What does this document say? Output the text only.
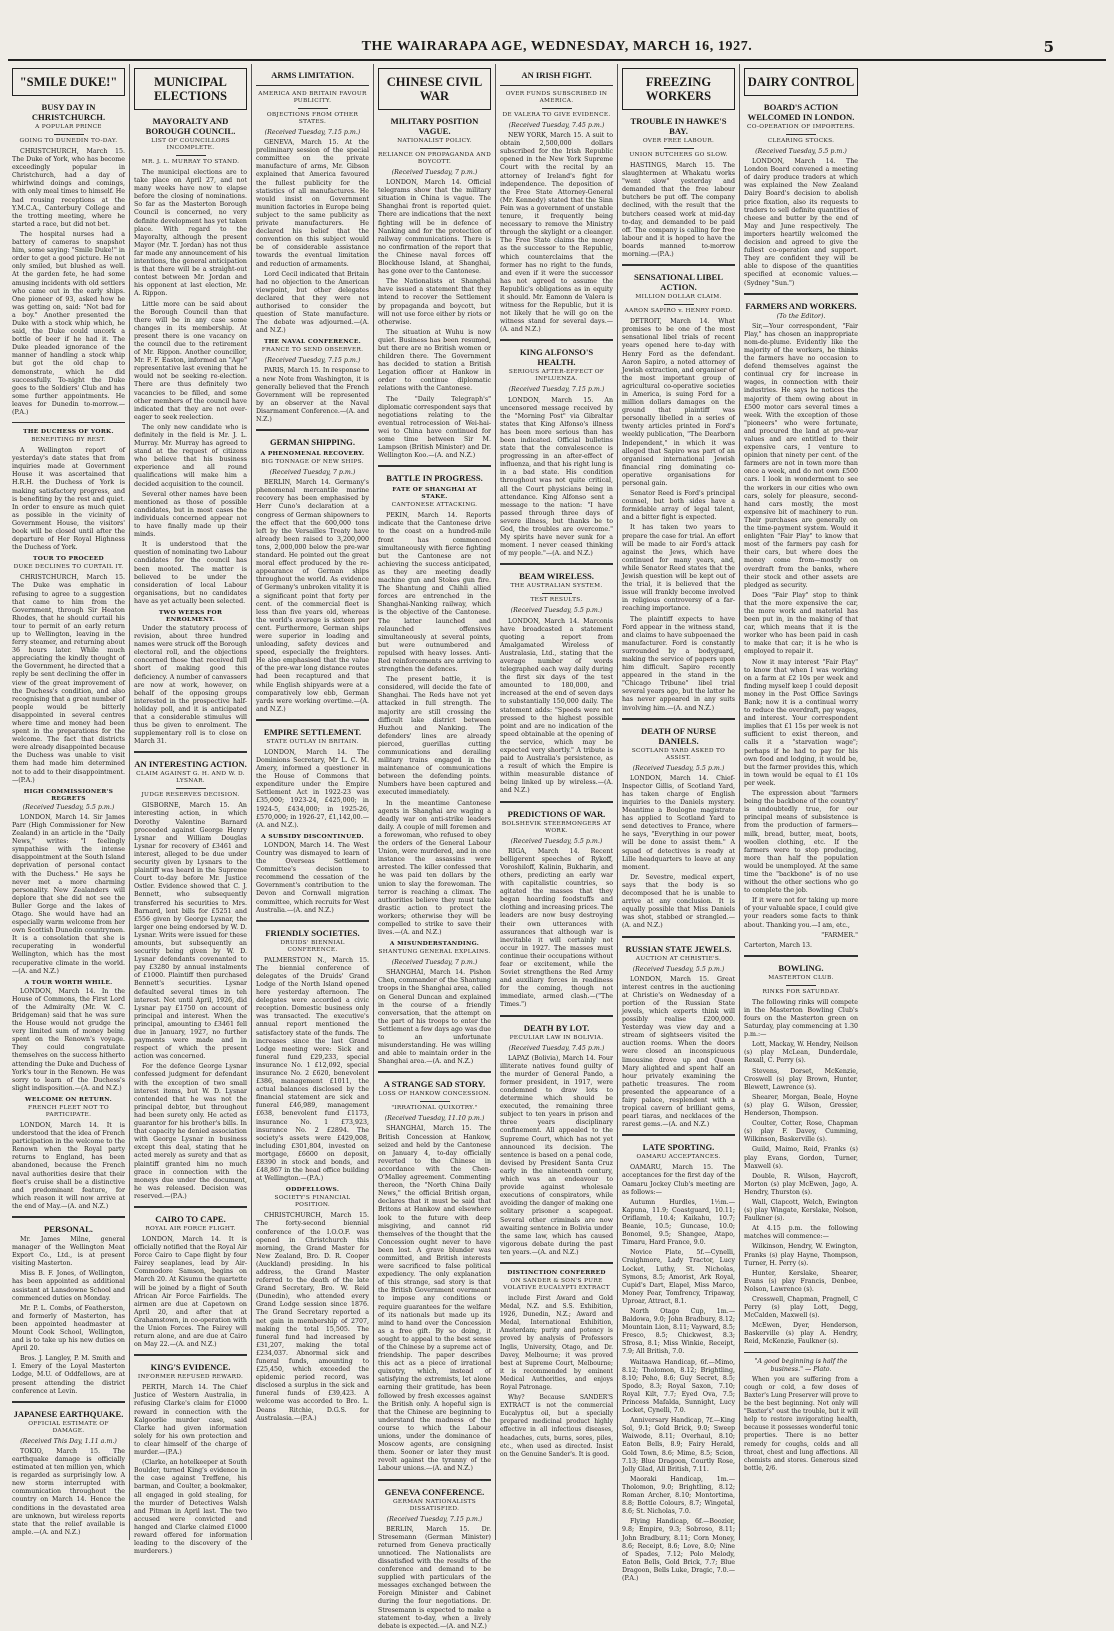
THE WAIRARAPA AGE, WEDNESDAY, MARCH 16, 1927.	5
"SMILE DUKE!"
BUSY DAY IN CHRISTCHURCH.
A POPULAR PRINCE
GOING TO DUNEDIN TO-DAY.

CHRISTCHURCH, March 15. The Duke of York, who has become exceedingly popular in Christchurch, had a day of whirlwind doings and comings, with only meal times to himself. He had rousing receptions at the Y.M.C.A., Canterbury College and the trotting meeting, where he started a race, but did not bet.

The hospital nurses had a battery of cameras to snapshot him, some saying: "Smile Duke!" in order to get a good picture. He not only smiled, but blushed as well. At the garden fete, he had some amusing incidents with old settlers who came out in the early ships. One pioneer of 93, asked how he was getting on, said: "Not bad for a boy." Another presented the Duke with a stock whip which, he said, the Duke could uncork a bottle of beer if he had it. The Duke pleaded ignorance of the manner of handling a stock whip but got the old chap to demonstrate, which he did successfully. To-night the Duke goes to the Soldiers' Club and has some further appointments. He leaves for Dunedin to-morrow.—(P.A.)

THE DUCHESS OF YORK.
BENEFITING BY REST.

A Wellington report of yesterday's date states that from inquiries made at Government House it was ascertained that H.R.H. the Duchess of York is making satisfactory progress, and is benefiting by the rest and quiet. In order to ensure as much quiet as possible in the vicinity of Government House, the visitors' book will be closed until after the departure of Her Royal Highness the Duchess of York.

TOUR TO PROCEED
DUKE DECLINES TO CURTAIL IT.

CHRISTCHURCH, March 15. The Duke was emphatic in refusing to agree to a suggestion that came to him from the Government, through Sir Heaton Rhodes, that he should curtail his tour to permit of an early return up to Wellington, leaving in the ferry steamer, and returning about 36 hours later. While much appreciating the kindly thought of the Government, he directed that a reply be sent declining the offer in view of the great improvement of the Duchess's condition, and also recognising that a great number of people would be bitterly disappointed in several centres where time and money had been spent in the preparations for the welcome. The fact that districts were already disappointed because the Duchess was unable to visit them had made him determined not to add to their disappointment.—(P.A.)

HIGH COMMISSIONER'S REGRETS
(Received Tuesday, 5.5 p.m.)

LONDON, March 14. Sir James Parr (High Commissioner for New Zealand) in an article in the "Daily News," writes: "I feelingly sympathise with the intense disappointment at the South Island deprivation of personal contact with the Duchess." He says he never met a more charming personality. New Zealanders will deplore that she did not see the Buller Gorge and the lakes of Otago. She would have had an especially warm welcome from her own Scottish Dunedin countrymen. It is a consolation that she is recuperating in wonderful Wellington, which has the most recuperative climate in the world.—(A. and N.Z.)

A TOUR WORTH WHILE.

LONDON, March 14. In the House of Commons, the First Lord of the Admiralty (Mr. W. C. Bridgeman) said that he was sure the House would not grudge the very limited sum of money being spent on the Renown's voyage. They could congratulate themselves on the success hitherto attending the Duke and Duchess of York's tour in the Renown. He was sorry to learn of the Duchess's slight indisposition.—(A. and N.Z.)

WELCOME ON RETURN.
FRENCH FLEET NOT TO PARTICIPATE.

LONDON, March 14. It is understood that the idea of French participation in the welcome to the Renown when the Royal party returns to England, has been abandoned, because the French naval authorities desire that their fleet's cruise shall be a distinctive and predominant feature, for which reason it will now arrive at the end of May.—(A. and N.Z.)

PERSONAL.

Mr. James Milne, general manager of the Wellington Meat Export Co., Ltd., is at present visiting Masterton.

Miss B. F. Jones, of Wellington, has been appointed as additional assistant at Lansdowne School and commenced duties on Monday.

Mr. P. L. Combs, of Featherston, and formerly of Masterton, has been appointed headmaster at Mount Cook School, Wellington, and is to take up his new duties on April 20.

Bros. J. Langley, P. M. Smith and I. Emery of the Loyal Masterton Lodge, M.U. of Oddfellows, are at present attending the district conference at Levin.

JAPANESE EARTHQUAKE.
OFFICIAL ESTIMATE OF DAMAGE.
(Received This Day, 1.11 a.m.)

TOKIO, March 15. The earthquake damage is officially estimated at ten million yen, which is regarded as surprisingly low. A new storm interrupted with communication throughout the country on March 14. Hence the conditions in the devastated area are unknown, but wireless reports state that the relief available is ample.—(A. and N.Z.)

MUNICIPAL ELECTIONS
MAYORALTY AND BOROUGH COUNCIL.
LIST OF COUNCILLORS INCOMPLETE.
MR. J. L. MURRAY TO STAND.

The municipal elections are to take place on April 27, and not many weeks have now to elapse before the closing of nominations. So far as the Masterton Borough Council is concerned, no very definite development has yet taken place. With regard to the Mayoralty, although the present Mayor (Mr. T. Jordan) has not thus far made any announcement of his intentions, the general anticipation is that there will be a straight-out contest between Mr. Jordan and his opponent at last election, Mr. A. Rippon.

Little more can be said about the Borough Council than that there will be in any case some changes in its membership. At present there is one vacancy on the council due to the retirement of Mr. Rippon. Another councillor, Mr. F. F. Easton, informed an "Age" representative last evening that he would not be seeking re-election. There are thus definitely two vacancies to be filled, and some other members of the council have indicated that they are not over-eager to seek reelection.

The only new candidate who is definitely in the field is Mr. J. L. Murray. Mr. Murray has agreed to stand at the request of citizens who believe that his business experience and all round qualifications will make him a decided acquisition to the council.

Several other names have been mentioned as those of possible candidates, but in most cases the individuals concerned appear not to have finally made up their minds.

It is understood that the question of nominating two Labour candidates for the council has been mooted. The matter is believed to be under the consideration of local Labour organisations, but no candidates have as yet actually been selected.

TWO WEEKS FOR ENROLMENT.

Under the statutory process of revision, about three hundred names were struck off the Borough electoral roll, and the objections concerned those that received full short of making good this deficiency. A number of canvassers are now at work, however, on behalf of the opposing groups interested in the prospective half-holiday poll, and it is anticipated that a considerable stimulus will thus be given to enrolment. The supplementary roll is to close on March 31.

AN INTERESTING ACTION.
CLAIM AGAINST G. H. AND W. D. LYSNAR.
JUDGE RESERVES DECISION.

GISBORNE, March 15. An interesting action, in which Dorothy Valentine Barnard proceeded against George Henry Lysnar and William Douglas Lysnar for recovery of £3461 and interest, alleged to be due under security given by Lysnars to the plaintiff was heard in the Supreme Court to-day before Mr. Justice Ostler. Evidence showed that C. J. Bennett, who subsequently transferred his securities to Mrs. Barnard, lent bills for £5251 and £556 given by George Lysnar, the larger one being endorsed by W. D. Lysnar. Writs were issued for these amounts, but subsequently an security being given by W. D. Lysnar defendants covenanted to pay £3280 by annual instalments of £1000. Plaintiff then purchased Bennett's securities. Lysnar defaulted several times in teh interest. Not until April, 1926, did Lysnar pay £1750 on account of principal and interest. When the principal, amounting to £3461 fell due in January, 1927, no further payments were made and in respect of which the present action was concerned.

For the defence George Lysnar confessed judgment for defendant with the exception of two small interest items, but W. D. Lysnar contended that he was not the principal debtor, but throughout had been surety only. He acted as guarantor for his brother's bills. In that capacity he denied association with George Lysnar in business except this deal, stating that he acted merely as surety and that as plaintiff granted him no much grace in connection with the moneys due under the document, he was released. Decision was reserved.—(P.A.)

CAIRO TO CAPE.
ROYAL AIR FORCE FLIGHT.

LONDON, March 14. It is officially notified that the Royal Air Force Cairo to Cape flight by four Fairey seaplanes, lead by Air-Commodore Samson, begins on March 20. At Kisumu the quartette will be joined by a flight of South African Air Force Fairfields. The airmen are due at Capetown on April 20, and after that at Grahamstown, in co-operation with the Union Forces. The Fairey will return alone, and are due at Cairo on May 22.—(A. and N.Z.)

KING'S EVIDENCE.
INFORMER REFUSED REWARD.

PERTH, March 14. The Chief Justice of Western Australia, in refusing Clarke's claim for £1000 reward in connection with the Kalgoorlie murder case, said Clarke had given information solely for his own protection and to clear himself of the charge of murder.—(P.A.)

(Clarke, an hotelkeeper at South Boulder, turned King's evidence in the case against Treffene, his barman, and Coulter, a bookmaker, all engaged in gold stealing, for the murder of Detectives Walsh and Pitman in April last. The two accused were convicted and hanged and Clarke claimed £1000 reward offered for information leading to the discovery of the murderers.)

ARMS LIMITATION.
AMERICA AND BRITAIN FAVOUR PUBLICITY.
OBJECTIONS FROM OTHER STATES.
(Received Tuesday, 7.15 p.m.)

GENEVA, March 15. At the preliminary session of the special committee on the private manufacture of arms, Mr. Gibson explained that America favoured the fullest publicity for the statistics of all manufactures. He would insist on Government munition factories in Europe being subject to the same publicity as private manufacturers. He declared his belief that the convention on this subject would be of considerable assistance towards the eventual limitation and reduction of armaments.

Lord Cecil indicated that Britain had no objection to the American viewpoint, but other delegates declared that they were not authorised to consider the question of State manufacture. The debate was adjourned.—(A. and N.Z.)

THE NAVAL CONFERENCE.
FRANCE TO SEND OBSERVER.
(Received Tuesday, 7.15 p.m.)

PARIS, March 15. In response to a new Note from Washington, it is generally believed that the French Government will be represented by an observer at the Naval Disarmament Conference.—(A. and N.Z.)

GERMAN SHIPPING.
A PHENOMENAL RECOVERY.
BIG TONNAGE OF NEW SHIPS.
(Received Tuesday, 7 p.m.)

BERLIN, March 14. Germany's phenomenal mercantile marine recovery has been emphasised by Herr Cuno's declaration at a congress of German shipowners to the effect that the 600,000 tons left by the Versailles Treaty have already been raised to 3,200,000 tons, 2,000,000 below the pre-war standard. He pointed out the great moral effect produced by the re-appearance of German ships throughout the world. As evidence of Germany's unbroken vitality it is a significant point that forty per cent. of the commercial fleet is less than five years old, whereas the world's average is sixteen per cent. Furthermore, German ships were superior in loading and unloading, safety devices and speed, especially the freighters. He also emphasised that the value of the pre-war long distance routes had been recaptured and that while English shipyards were at a comparatively low ebb, German yards were working overtime.—(A. and N.Z.)

EMPIRE SETTLEMENT.
STATE OUTLAY IN BRITAIN.

LONDON, March 14. The Dominions Secretary, Mr L. C. M. Amery, informed a questioner in the House of Commons that expenditure under the Empire Settlement Act in 1922-23 was £35,000; 1923-24, £425,000; in 1924-5, £434,000; in 1925-26, £570,000; in 1926-27, £1,142,00.—(A. and N.Z.).

A SUBSIDY DISCONTINUED.

LONDON, March 14. The West Country was dismayed to learn of the Overseas Settlement Committee's decision to recommend the cessation of the Government's contribution to the Devon and Cornwall migration committee, which recruits for West Australia.—(A. and N.Z.)

FRIENDLY SOCIETIES.
DRUIDS' BIENNIAL CONFERENCE.

PALMERSTON N., March 15. The biennial conference of delegates of the Druids' Grand Lodge of the North Island opened here yesterday afternoon. The delegates were accorded a civic reception. Domestic business only was transacted. The executive's annual report mentioned the satisfactory state of the funds. The increases since the last Grand Lodge meeting were: Sick and funeral fund £29,233, special insurance No. 1 £12,092, special insurance No. 2 £620, benevolent £386, management £1011, the actual balances disclosed by the financial statement are sick and funeral £46,989, management £638, benevolent fund £1173, insurance No. 1 £73,923, insurance No. 2 £2894. The society's assets were £429,008, including £301,804, invested on mortgage, £6600 on deposit, £8390 in stock and bonds, and £48,867 in the head office building at Wellington.—(P.A.)

ODDFELLOWS.
SOCIETY'S FINANCIAL POSITION.

CHRISTCHURCH, March 15. The forty-second biennial conference of the I.O.O.F. was opened in Christchurch this morning, the Grand Master for New Zealand, Bro. D. R. Cooper (Auckland) presiding. In his address, the Grand Master referred to the death of the late Grand Secretary, Bro. W. Reid (Dunedin), who attended every Grand Lodge session since 1876. The Grand Secretary reported a net gain in membership of 2707, making the total 15,505. The funeral fund had increased by £31,207, making the total £234,037. Abnormal sick and funeral funds, amounting to £25,450, which exceeded the epidemic period record, was disclosed a surplus in the sick and funeral funds of £39,423. A welcome was accorded to Bro. L. Deans Ritchie, D.G.S. for Australasia.—(P.A.)

CHINESE CIVIL WAR
MILITARY POSITION VAGUE.
NATIONALIST POLICY.
RELIANCE ON PROPAGANDA AND BOYCOTT.
(Received Tuesday, 7 p.m.)

LONDON, March 14. Official telegrams show that the military situation in China is vague. The Shanghai front is reported quiet. There are indications that the next fighting will be in defence of Nanking and for the protection of railway communications. There is no confirmation of the report that the Chinese naval forces off Blockhouse Island, at Shanghai, has gone over to the Cantonese.

The Nationalists at Shanghai have issued a statement that they intend to recover the Settlement by propaganda and boycott, but will not use force either by riots or otherwise.

The situation at Wuhu is now quiet. Business has been resumed, but there are no British women or children there. The Government has decided to station a British Legation officer at Hankow in order to continue diplomatic relations with the Cantonese.

The "Daily Telegraph's" diplomatic correspondent says that negotiations relating to the eventual retrocession of Wei-hai-wei to China have continued for some time between Sir M. Lampson (British Minister) and Dr. Wellington Koo.—(A. and N.Z.)

BATTLE IN PROGRESS.
FATE OF SHANGHAI AT STAKE.
CANTONESE ATTACKING.

PEKIN, March 14. Reports indicate that the Cantonese drive to the coast on a hundred-mile front has commenced simultaneously with fierce fighting but the Cantonese are not achieving the success anticipated, as they are meeting deadly machine gun and Stokes gun fire. The Shantung and Chihli allied forces are entrenched in the Shanghai-Nanking railway, which is the objective of the Cantonese. The latter launched and relaunched offensives simultaneously at several points, but were outnumbered and repulsed with heavy losses. Anti-Red reinforcements are arriving to strengthen the defences.

The present battle, it is considered, will decide the fate of Shanghai. The Reds have not yet attacked in full strength. The majority are still crossing the difficult lake district between Huzhou and Nanking. The defenders' lines are already pierced, guerillas cutting communications and derailing military trains engaged in the maintenance of communications between the defending points. Numbers have been captured and executed immediately.

In the meantime Cantonese agents in Shanghai are waging a deadly war on anti-strike leaders daily. A couple of mill foremen and a forewoman, who refused to obey the orders of the General Labour Union, were murdered, and in one instance the assassins were arrested. The killer confessed that he was paid ten dollars by the union to slay the forewoman. The terror is reaching a climax. The authorities believe they must take drastic action to protect the workers; otherwise they will be compelled to strike to save their lives.—(A. and N.Z.)

A MISUNDERSTANDING.
SHANTUNG GENERAL EXPLAINS.
(Received Tuesday, 7 p.m.)

SHANGHAI, March 14. Pishon Chen, commander of the Shantung troops in the Shanghai area, called on General Duncan and explained in the course of a friendly conversation, that the attempt on the part of his troops to enter the Settlement a few days ago was due to an unfortunate misunderstanding. He was willing and able to maintain order in the Shanghai area.—(A. and N.Z.)

A STRANGE SAD STORY.
LOSS OF HANKOW CONCESSION.
"IRRATIONAL QUIXOTRY."
(Received Tuesday, 11.10 p.m.)

SHANGHAI, March 15. The British Concession at Hankow, seized and held by the Cantonese on January 4, to-day officially reverted to the Chinese in accordance with the Chen-O'Malley agreement. Commenting thereon, the "North China Daily News," the official British organ, declares that it must be said that Britons at Hankow and elsewhere look to the future with deep misgiving, and cannot rid themselves of the thought that the Concession ought never to have been lost. A grave blunder was committed, and British interests were sacrificed to false political expediency. The only explanation of this strange, sad story is that the British Government overmeant to impose any conditions or require guarantees for the welfare of its nationals but made up its mind to hand over the Concession as a free gift. By so doing, it sought to appeal to the best sense of the Chinese by a supreme act of friendship. The paper describes this act as a piece of irrational quixotry, which, instead of satisfying the extremists, let alone earning their gratitude, has been followed by fresh excesses against the British only. A hopeful sign is that the Chinese are beginning to understand the madness of the course to which the Labour unions, under the dominance of Moscow agents, are consigning them. Sooner or later they must revolt against the tyranny of the Labour unions.—(A. and N.Z.)

GENEVA CONFERENCE.
GERMAN NATIONALISTS DISSATISFIED.
(Received Tuesday, 7.15 p.m.)

BERLIN, March 15. Dr. Stresemann (German Minister) returned from Geneva practically unnoticed. The Nationalists are dissatisfied with the results of the conference and demand to be supplied with particulars of the messages exchanged between the Foreign Minister and Cabinet during the four negotiations. Dr. Stresemann is expected to make a statement to-day, when a lively debate is expected.—(A. and N.Z.)

AN IRISH FIGHT.
OVER FUNDS SUBSCRIBED IN AMERICA.
DE VALERA TO GIVE EVIDENCE.
(Received Tuesday, 7.45 p.m.)

NEW YORK, March 15. A suit to obtain 2,500,000 dollars subscribed for the Irish Republic opened in the New York Supreme Court with the recital by an attorney of Ireland's fight for independence. The deposition of the Free State Attorney-General (Mr. Kennedy) stated that the Sinn Fein was a government of unstable tenure, it frequently being necessary to remove the Ministry through the skylight or a cleanger. The Free State claims the money as the successor to the Republic, which counterclaims that the former has no right to the funds, and even if it were the successor has not agreed to assume the Republic's obligations as in equity it should. Mr. Eamonn de Valera is witness for the Republic, but it is not likely that he will go on the witness stand for several days.—(A. and N.Z.)

KING ALFONSO'S HEALTH.
SERIOUS AFTER-EFFECT OF INFLUENZA.
(Received Tuesday, 7.15 p.m.)

LONDON, March 15. An uncensored message received by the "Morning Post" via Gibraltar states that King Alfonso's illness has been more serious than has been indicated. Official bulletins state that the convalescence is progressing in an after-effect of influenza, and that his right lung is in a bad state. His condition throughout was not quite critical, all the Court physicians being in attendance. King Alfonso sent a message to the nation: "I have passed through three days of severe illness, but thanks be to God, the troubles are overcome." My spirits have never sunk for a moment. I never ceased thinking of my people."—(A. and N.Z.)

BEAM WIRELESS.
THE AUSTRALIAN SYSTEM.
TEST RESULTS.
(Received Tuesday, 5.5 p.m.)

LONDON, March 14. Marconis have broadcasted a statement quoting a report from Amalgamated Wireless of Australasia, Ltd., stating that the average number of words telegraphed each way daily during the first six days of the test amounted to 180,000, and increased at the end of seven days to substantially 150,000 daily. The statement adds: "Speeds were not pressed to the highest possible point and are no indication of the speed obtainable at the opening of the service, which may be expected very shortly." A tribute is paid to Australia's persistence, as a result of which the Empire is within measurable distance of being linked up by wireless.—(A. and N.Z.)

PREDICTIONS OF WAR.
BOLSHEVIK STEERMONGERS AT WORK.
(Received Tuesday, 5.5 p.m.)

RIGA, March 14. Recent belligerent speeches of Rykoff, Voroshiloff, Kalinin, Bukharin, and others, predicting an early war with capitalistic countries, so agitated the masses that they began hoarding foodstuffs and clothing and increasing prices. The leaders are now busy destroying their own utterances with assurances that although war is inevitable it will certainly not occur in 1927. The masses must continue their occupations without fear or excitement, while the Soviet strengthens the Red Army and auxiliary forces in readiness for the coming, though not immediate, armed clash.—("The Times.")

DEATH BY LOT.
PECULIAR LAW IN BOLIVIA.
(Received Tuesday, 7.45 p.m.)

LAPAZ (Bolivia), March 14. Four illiterate natives found guilty of the murder of General Pando, a former president, in 1917, were condemned to draw lots to determine which should be executed, the remaining three subject to ten years in prison and three years disciplinary confinement. All appealed to the Supreme Court, which has not yet announced its decision. The sentence is based on a penal code, devised by President Santa Cruz early in the nineteenth century, which was an endeavour to provide against wholesale executions of conspirators, while avoiding the danger of making one solitary prisoner a scapegoat. Several other criminals are now awaiting sentence in Bolivia under the same law, which has caused vigorous debate during the past ten years.—(A. and N.Z.)

DISTINCTION CONFERRED
ON SANDER & SON'S PURE VOLATIVE EUCALYPTI EXTRACT

include First Award and Gold Medal, N.Z. and S.S. Exhibition, 1926, Dunedin, N.Z.; Award and Medal, International Exhibition, Amsterdam; purity and potency is proved by analysis of Professors Inglis, University, Otago, and Dr. Davey, Melbourne; it was proved best at Supreme Court, Melbourne; it is recommended by eminent Medical Authorities, and enjoys Royal Patronage.

Why? Because SANDER'S EXTRACT is not the commercial Eucalyptus oil, but a specially prepared medicinal product highly effective in all infectious diseases, headaches, cuts, burns, sores, piles, etc., when used as directed. Insist on the Genuine Sander's. It is good.

FREEZING WORKERS
TROUBLE IN HAWKE'S BAY.
OVER FREE LABOUR.
UNION BUTCHERS GO SLOW.

HASTINGS, March 15. The slaughtermen at Whakatu works "went slow" yesterday and demanded that the free labour butchers be put off. The company declined, with the result that the butchers ceased work at mid-day to-day, and demanded to be paid off. The company is calling for free labour and it is hoped to have the boards manned to-morrow morning.—(P.A.)

SENSATIONAL LIBEL ACTION.
MILLION DOLLAR CLAIM.
AARON SAPIRO v. HENRY FORD.

DETROIT, March 14. What promises to be one of the most sensational libel trials of recent years opened here to-day with Henry Ford as the defendant. Aaron Sapiro, a noted attorney of Jewish extraction, and organiser of the most important group of agricultural co-operative societies in America, is suing Ford for a million dollars damages on the ground that plaintiff was personally libelled in a series of twenty articles printed in Ford's weekly publication, "The Dearborn Independent," in which it was alleged that Sapiro was part of an organised international Jewish financial ring dominating co-operative organisations for personal gain.

Senator Reed is Ford's principal counsel, but both sides have a formidable array of legal talent, and a bitter fight is expected.

It has taken two years to prepare the case for trial. An effort will be made to air Ford's attack against the Jews, which have continued for many years, and, while Senator Reed states that the Jewish question will be kept out of the trial, it is believed that the issue will frankly become involved in religious controversy of a far-reaching importance.

The plaintiff expects to have Ford appear in the witness stand, and claims to have subpoenaed the manufacturer. Ford is constantly surrounded by a bodyguard, making the service of papers upon him difficult. Sapiro recently appeared in the stand in the "Chicago Tribune" libel trial several years ago, but the latter he has never appeared in any suits involving him.—(A. and N.Z.)

DEATH OF NURSE DANIELS.
SCOTLAND YARD ASKED TO ASSIST.
(Received Tuesday, 5.5 p.m.)

LONDON, March 14. Chief-Inspector Gillis, of Scotland Yard, has taken charge of English inquiries to the Daniels mystery. Meantime a Boulogne magistrate has applied to Scotland Yard to send detectives to France, where he says, "Everything in our power will be done to assist them." A squad of detectives is ready at Lille headquarters to leave at any moment.

Dr. Sevestre, medical expert, says that the body is so decomposed that he is unable to arrive at any conclusion. It is equally possible that Miss Daniels was shot, stabbed or strangled.—(A. and N.Z.)

RUSSIAN STATE JEWELS.
AUCTION AT CHRISTIE'S.
(Received Tuesday, 5.5 p.m.)

LONDON, March 15. Great interest centres in the auctioning at Christie's on Wednesday of a portion of the Russian State jewels, which experts think will possibly realise £200,000. Yesterday was view day and a stream of sightseers visited the auction rooms. When the doors were closed an inconspicuous limousine drove up and Queen Mary alighted and spent half an hour privately examining the pathetic treasures. The room presented the appearance of a fairy palace, resplendent with a tropical cavern of brilliant gems, pearl tiaras, and necklaces of the rarest gems.—(A. and N.Z.)

LATE SPORTING.
OAMARU ACCEPTANCES.

OAMARU, March 15. The acceptances for the first day of the Oamaru Jockey Club's meeting are as follows:—

Autumn Hurdles, 1½m.—Kapuna, 11.9; Coastguard, 10.11; Oriflamb, 10.4; Kaikahu, 10.7; Beanie, 10.5; Guncase, 10.0; Bonomel, 9.5; Shangee, Atapo, Timaru, Hard France, 9.0.

Novice Plate, 5f.—Cynelli, Craighmore, Lady Tractor, Lucy Locket, Luthy, St. Nicholas, Symons, 8.5; Amorist, Ark Royal, Cupid's Dart, Elapel, Miss Marco, Money Pear, Tomfrency, Tripaway, Uproar, Attract, 8.1.

North Otago Cup, 1m.—Baldowa, 9.0; John Bradbury, 8.12; Mountain Lion, 8.11; Vayward, 8.5; Fresco, 8.5; Chickwest, 8.3; Sfrosa, 8.1; Miss Winkie, Receipt, 7.9; All British, 7.0.

Waitaawa Handicap, 6f.—Mimo, 8.12; Tholomon, 8.12; Brightling, 8.10; Peho, 8.6; Guy Secret, 8.5; Spodo, 8.3; Royal Saxon, 7.10; Royal Kilt, 7.7; Eyed Ova, 7.5; Princess Mafalda, Sunnight, Lucy Locket, Cynelli, 7.0.

Anniversary Handicap, 7f.—King Sol, 9.1; Gold Brick, 9.0; Sweep Waiwode, 8.11; Overhaul, 8.10; Eaton Bells, 8.9; Fairy Herald, Gold Town, 8.6; Mime, 8.5; Scion, 7.13; Blue Dragoon, Courtly Rose, Jolly Glad, All British, 7.11.

Maoraki Handicap, 1m.—Tholomon, 9.0; Brightling, 8.12; Roman Archer, 8.10; Montortima, 8.8; Bottle Colours, 8.7; Wingetal, 8.6; St. Nicholas, 7.0.

Flying Handicap, 6f.—Boozier, 9.8; Empire, 9.3; Sobroso, 8.11; John Bradbury, 8.11; Corn Money, 8.6; Receipt, 8.6; Love, 8.0; Nine of Spades, 7.12; Polo Melody, Eaton Bells, Gold Brick, 7.7; Blue Dragoon, Bells Luke, Dragic, 7.0.—(P.A.)

DAIRY CONTROL
BOARD'S ACTION WELCOMED IN LONDON.
CO-OPERATION OF IMPORTERS.
CLEARING STOCKS.
(Received Tuesday, 5.5 p.m.)

LONDON, March 14. The London Board convened a meeting of dairy produce traders at which was explained the New Zealand Dairy Board's decision to abolish price fixation, also its requests to traders to sell definite quantities of cheese and butter by the end of May and June respectively. The importers heartily welcomed the decision and agreed to give the fullest co-operation and support. They are confident they will be able to dispose of the quantities specified at economic values.—(Sydney "Sun.")

FARMERS AND WORKERS.
(To the Editor).

Sir,—Your correspondent, "Fair Play," has chosen an inappropriate nom-de-plume. Evidently like the majority of the workers, he thinks the farmers have no occasion to defend themselves against the continual cry for increase in wages, in connection with their industries. He says he notices the majority of them owing about in £500 motor cars several times a week. With the exception of those "pioneers" who were fortunate, and procured the land at pre-war values and are entitled to their expensive cars, I venture to opinion that ninety per cent. of the farmers are not in town more than once a week, and do not own £500 cars. I look in wonderment to see the workers in our cities who own cars, solely for pleasure, second-hand cars mostly, the most expensive bit of machinery to run. Their purchases are generally on the time-payment system. Would it enlighten "Fair Play" to know that most of the farmers pay cash for their cars, but where does the money come from—mostly on overdraft from the banks, where their stock and other assets are pledged as security.

Does "Fair Play" stop to think that the more expensive the car, the more work and material has been put in, in the making of that car, which means that it is the worker who has been paid in cash to make that car; it is he who is employed to repair it.

Now it may interest "Fair Play" to know that when I was working on a farm at £2 10s per week and finding myself keep I could deposit money in the Post Office Savings Bank; now it is a continual worry to reduce the overdraft, pay wages, and interest. Your correspondent implies that £1 15s per week is not sufficient to exist thereon, and calls it a "starvation wage"; perhaps if he had to pay for his own food and lodging, it would be, but the farmer provides this, which in town would be equal to £1 10s per week.

The expression about "farmers being the backbone of the country" is undoubtedly true, for our principal means of subsistence is from the production of farmers—milk, bread, butter, meat, boots, woollen clothing, etc. If the farmers were to stop producing, more than half the population would be unemployed. At the same time the "backbone" is of no use without the other sections who go to complete the job.

If it were not for taking up more of your valuable space, I could give your readers some facts to think about. Thanking you.—I am, etc.,

"FARMER."
Carterton, March 13.
BOWLING.
MASTERTON CLUB.
RINKS FOR SATURDAY.

The following rinks will compete in the Masterton Bowling Club's fours on the Masterton green on Saturday, play commencing at 1.30 p.m.:—

Lott, Mackay, W. Hendry, Neilson (s) play McLean, Dunderdale, Rexall, C. Perry (s).

Stevens, Dorset, McKenzie, Croswell (s) play Brown, Hunter, Blewett, Lawrence (s).

Shearer, Morgan, Beale, Hoyne (s) play G. Wilson, Gressier, Henderson, Thompson.

Coulter, Cotter, Rose, Chapman (s) play F. Davey, Cumming, Wilkinson, Baskerville (s).

Guild, Maimo, Reid, Franks (s) play Evans, Gordon, Turner, Maxwell (s).

Double, R. Wilson, Haycroft, Morton (s) play McEwen, Jago, A. Hendry, Thurston (s).

Wall, Clapcott, Welch, Ewington (s) play Wingate, Kerslake, Nolson, Faulkner (s).

At 4.15 p.m. the following matches will commence:—

Wilkinson, Hendry, W. Ewington, Franks (s) play Hayne, Thompson, Turner, H. Perry (s).

Hunter, Kerslake, Shearer, Evans (s) play Francis, Denbee, Nolson, Lawrence (s).

Cresswell, Chapman, Pragnell, C Perry (s) play Lott, Degg, McCalden, Maxwell (s).

McEwen, Dyer, Henderson, Baskerville (s) play A. Hendry, Reid, McKenzie, Faulkner (s).

"A good beginning is half the business." — Plato.

When you are suffering from a cough or cold, a few doses of Baxter's Lung Preserver will prove to be the best beginning. Not only will "Baxter's" oust the trouble, but it will help to restore invigorating health, because it possesses wonderful tonic properties. There is no better remedy for coughs, colds and all throat, chest and lung affections. All chemists and stores. Generous sized bottle, 2/6.
